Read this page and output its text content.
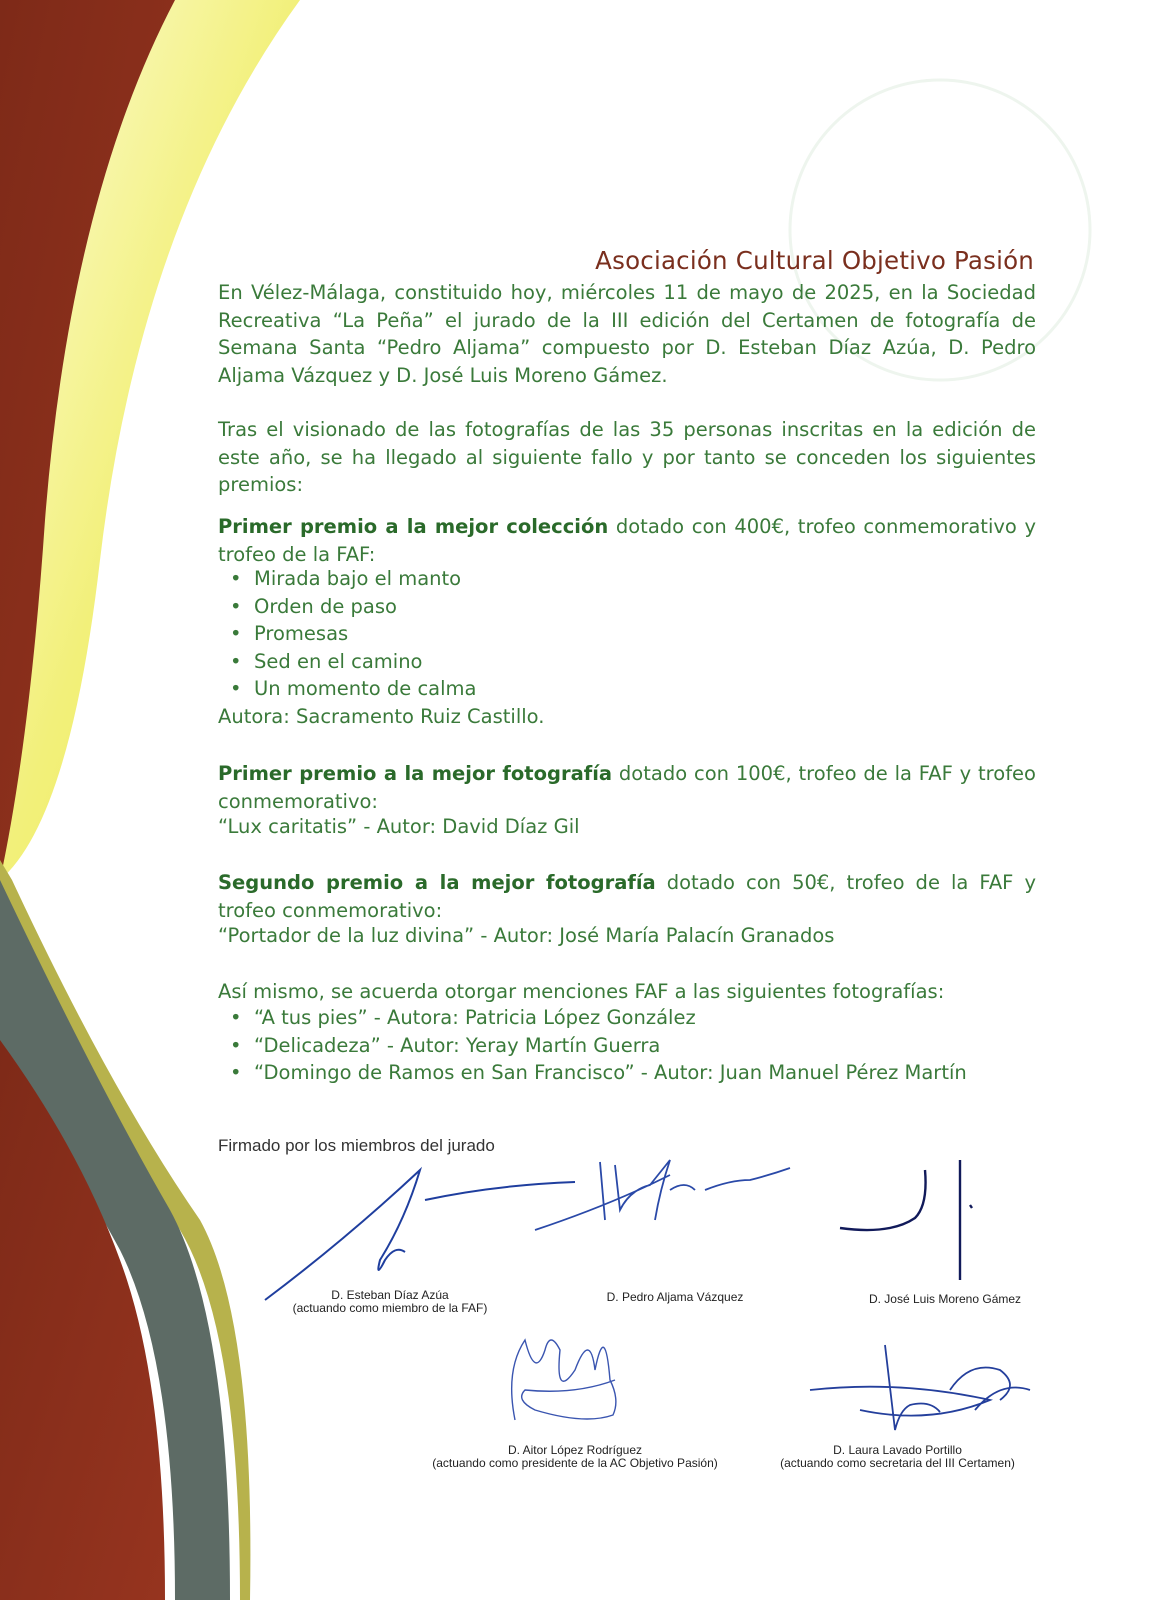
Asociación Cultural Objetivo Pasión

En Vélez-Málaga, constituido hoy, miércoles 11 de mayo de 2025, en la Sociedad Recreativa “La Peña” el jurado de la III edición del Certamen de fotografía de Semana Santa “Pedro Aljama” compuesto por D. Esteban Díaz Azúa, D. Pedro Aljama Vázquez y D. José Luis Moreno Gámez.

Tras el visionado de las fotografías de las 35 personas inscritas en la edición de este año, se ha llegado al siguiente fallo y por tanto se conceden los siguientes premios:

Primer premio a la mejor colección dotado con 400€, trofeo conmemorativo y trofeo de la FAF:

• Mirada bajo el manto
• Orden de paso
• Promesas
• Sed en el camino
• Un momento de calma
Autora: Sacramento Ruiz Castillo.

Primer premio a la mejor fotografía dotado con 100€, trofeo de la FAF y trofeo conmemorativo:

“Lux caritatis” - Autor: David Díaz Gil

Segundo premio a la mejor fotografía dotado con 50€, trofeo de la FAF y trofeo conmemorativo:

“Portador de la luz divina” - Autor: José María Palacín Granados
Así mismo, se acuerda otorgar menciones FAF a las siguientes fotografías:
• “A tus pies” - Autora: Patricia López González
• “Delicadeza” - Autor: Yeray Martín Guerra
• “Domingo de Ramos en San Francisco” - Autor: Juan Manuel Pérez Martín
Firmado por los miembros del jurado
D. Esteban Díaz Azúa
(actuando como miembro de la FAF)
D. Pedro Aljama Vázquez	D. José Luis Moreno Gámez
D. Aitor López Rodríguez
(actuando como presidente de la AC Objetivo Pasión)
D. Laura Lavado Portillo
(actuando como secretaria del III Certamen)
